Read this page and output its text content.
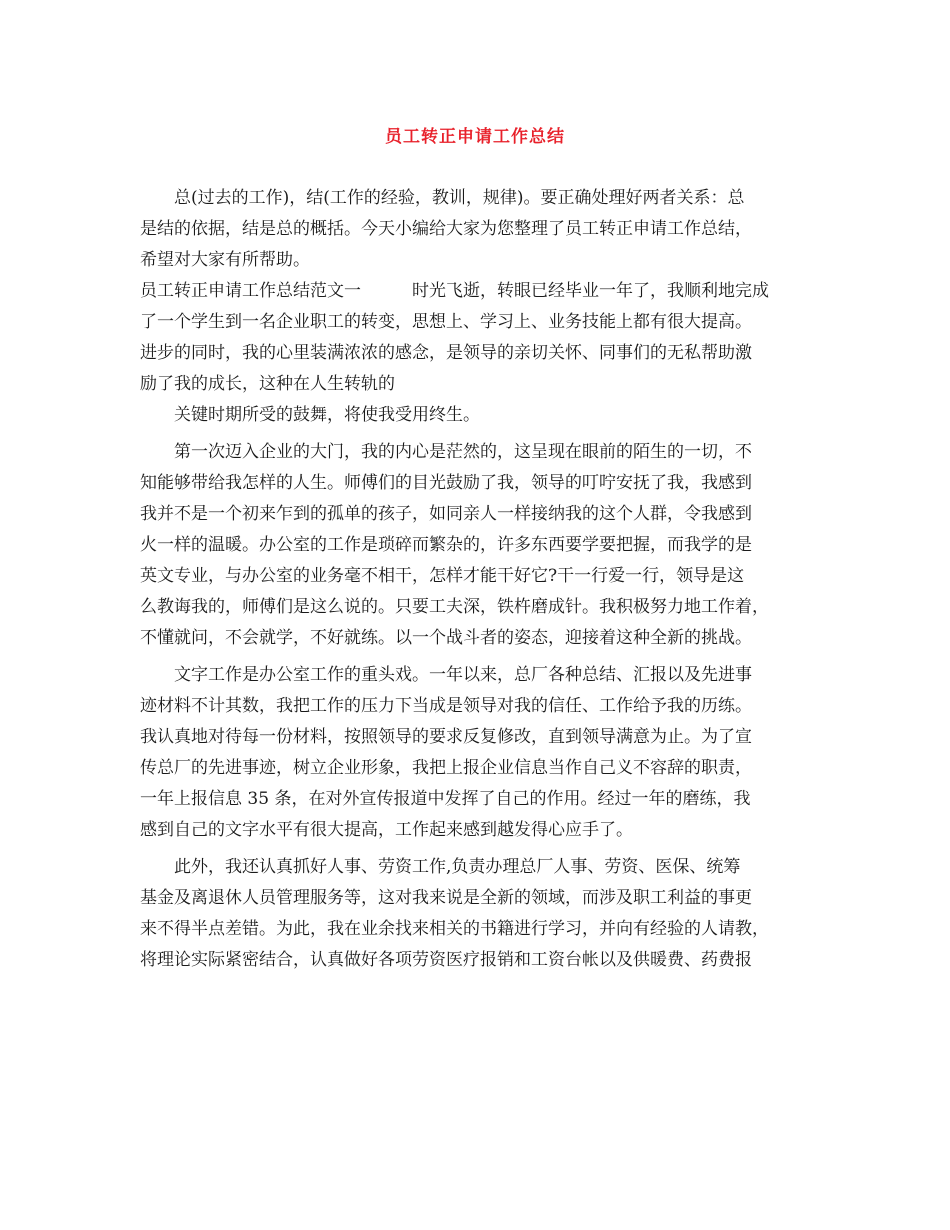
员工转正申请工作总结
　　总(过去的工作)，结(工作的经验，教训，规律)。要正确处理好两者关系：总
是结的依据，结是总的概括。今天小编给大家为您整理了员工转正申请工作总结，
希望对大家有所帮助。
员工转正申请工作总结范文一　　　时光飞逝，转眼已经毕业一年了，我顺利地完成
了一个学生到一名企业职工的转变，思想上、学习上、业务技能上都有很大提高。
进步的同时，我的心里装满浓浓的感念，是领导的亲切关怀、同事们的无私帮助激
励了我的成长，这种在人生转轨的
　　关键时期所受的鼓舞，将使我受用终生。
　　第一次迈入企业的大门，我的内心是茫然的，这呈现在眼前的陌生的一切，不
知能够带给我怎样的人生。师傅们的目光鼓励了我，领导的叮咛安抚了我，我感到
我并不是一个初来乍到的孤单的孩子，如同亲人一样接纳我的这个人群，令我感到
火一样的温暖。办公室的工作是琐碎而繁杂的，许多东西要学要把握，而我学的是
英文专业，与办公室的业务毫不相干，怎样才能干好它?干一行爱一行，领导是这
么教诲我的，师傅们是这么说的。只要工夫深，铁杵磨成针。我积极努力地工作着，
不懂就问，不会就学，不好就练。以一个战斗者的姿态，迎接着这种全新的挑战。
　　文字工作是办公室工作的重头戏。一年以来，总厂各种总结、汇报以及先进事
迹材料不计其数，我把工作的压力下当成是领导对我的信任、工作给予我的历练。
我认真地对待每一份材料，按照领导的要求反复修改，直到领导满意为止。为了宣
传总厂的先进事迹，树立企业形象，我把上报企业信息当作自己义不容辞的职责，
一年上报信息 35 条，在对外宣传报道中发挥了自己的作用。经过一年的磨练，我
感到自己的文字水平有很大提高，工作起来感到越发得心应手了。
　　此外，我还认真抓好人事、劳资工作,负责办理总厂人事、劳资、医保、统筹
基金及离退休人员管理服务等，这对我来说是全新的领域，而涉及职工利益的事更
来不得半点差错。为此，我在业余找来相关的书籍进行学习，并向有经验的人请教，
将理论实际紧密结合，认真做好各项劳资医疗报销和工资台帐以及供暖费、药费报
